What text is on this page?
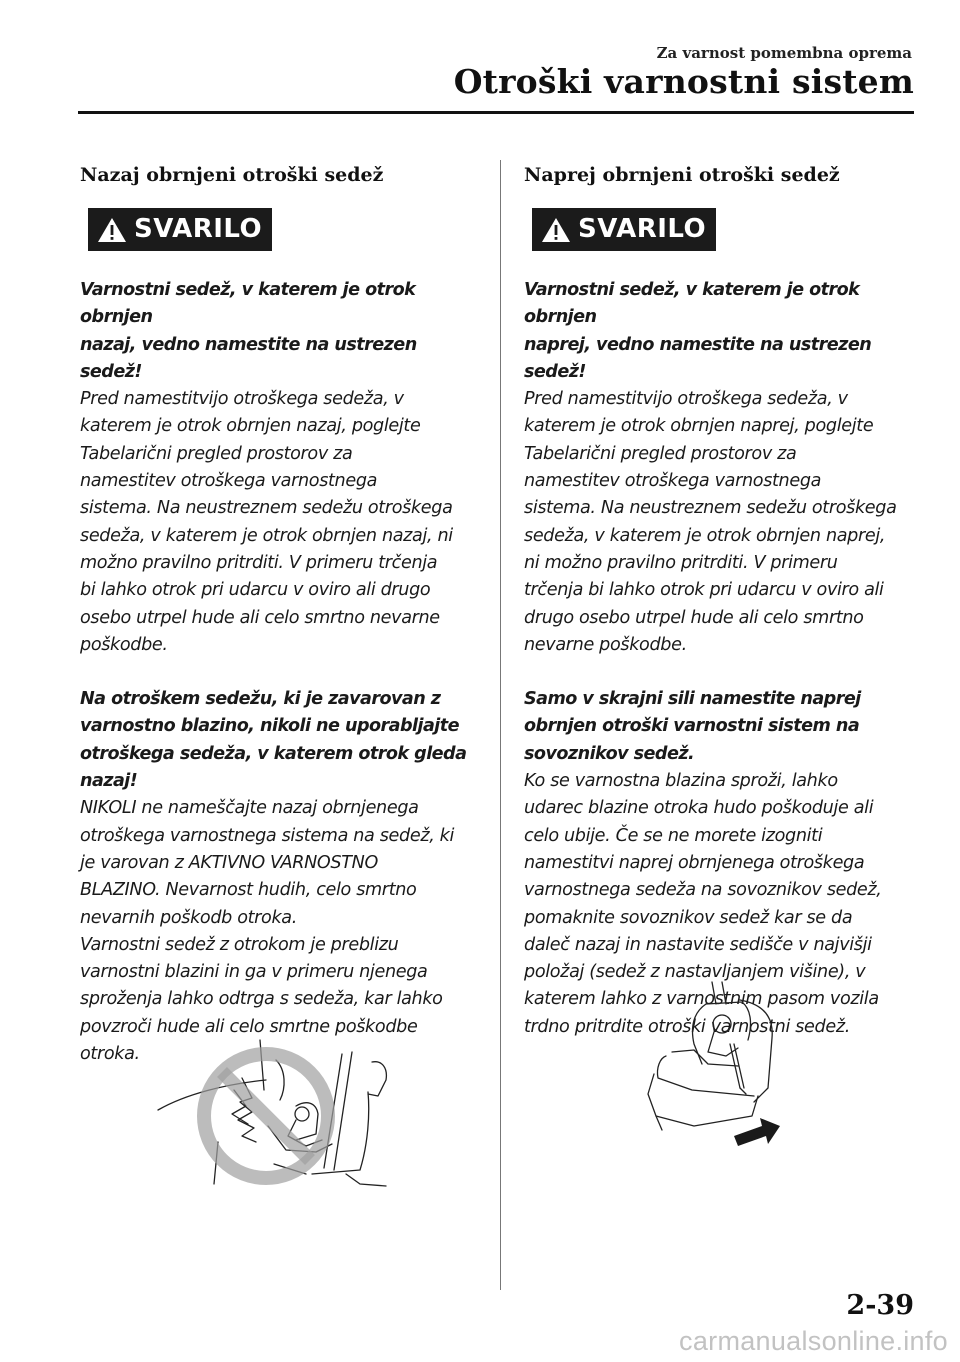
Za varnost pomembna oprema
Otroški varnostni sistem
Nazaj obrnjeni otroški sedež
SVARILO
Varnostni sedež, v katerem je otrok obrnjen
nazaj, vedno namestite na ustrezen sedež!
Pred namestitvijo otroškega sedeža, v
katerem je otrok obrnjen nazaj, poglejte
Tabelarični pregled prostorov za
namestitev otroškega varnostnega
sistema. Na neustreznem sedežu otroškega
sedeža, v katerem je otrok obrnjen nazaj, ni
možno pravilno pritrditi. V primeru trčenja
bi lahko otrok pri udarcu v oviro ali drugo
osebo utrpel hude ali celo smrtno nevarne
poškodbe.
Na otroškem sedežu, ki je zavarovan z
varnostno blazino, nikoli ne uporabljajte
otroškega sedeža, v katerem otrok gleda
nazaj!
NIKOLI ne nameščajte nazaj obrnjenega
otroškega varnostnega sistema na sedež, ki
je varovan z AKTIVNO VARNOSTNO
BLAZINO. Nevarnost hudih, celo smrtno
nevarnih poškodb otroka.
Varnostni sedež z otrokom je preblizu
varnostni blazini in ga v primeru njenega
sproženja lahko odtrga s sedeža, kar lahko
povzroči hude ali celo smrtne poškodbe
otroka.
Naprej obrnjeni otroški sedež
SVARILO
Varnostni sedež, v katerem je otrok obrnjen
naprej, vedno namestite na ustrezen sedež!
Pred namestitvijo otroškega sedeža, v
katerem je otrok obrnjen naprej, poglejte
Tabelarični pregled prostorov za
namestitev otroškega varnostnega
sistema. Na neustreznem sedežu otroškega
sedeža, v katerem je otrok obrnjen naprej,
ni možno pravilno pritrditi. V primeru
trčenja bi lahko otrok pri udarcu v oviro ali
drugo osebo utrpel hude ali celo smrtno
nevarne poškodbe.
Samo v skrajni sili namestite naprej
obrnjen otroški varnostni sistem na
sovoznikov sedež.
Ko se varnostna blazina sproži, lahko
udarec blazine otroka hudo poškoduje ali
celo ubije. Če se ne morete izogniti
namestitvi naprej obrnjenega otroškega
varnostnega sedeža na sovoznikov sedež,
pomaknite sovoznikov sedež kar se da
daleč nazaj in nastavite sedišče v najvišji
položaj (sedež z nastavljanjem višine), v
katerem lahko z varnostnim pasom vozila
trdno pritrdite otroški varnostni sedež.
2-39
carmanualsonline.info
